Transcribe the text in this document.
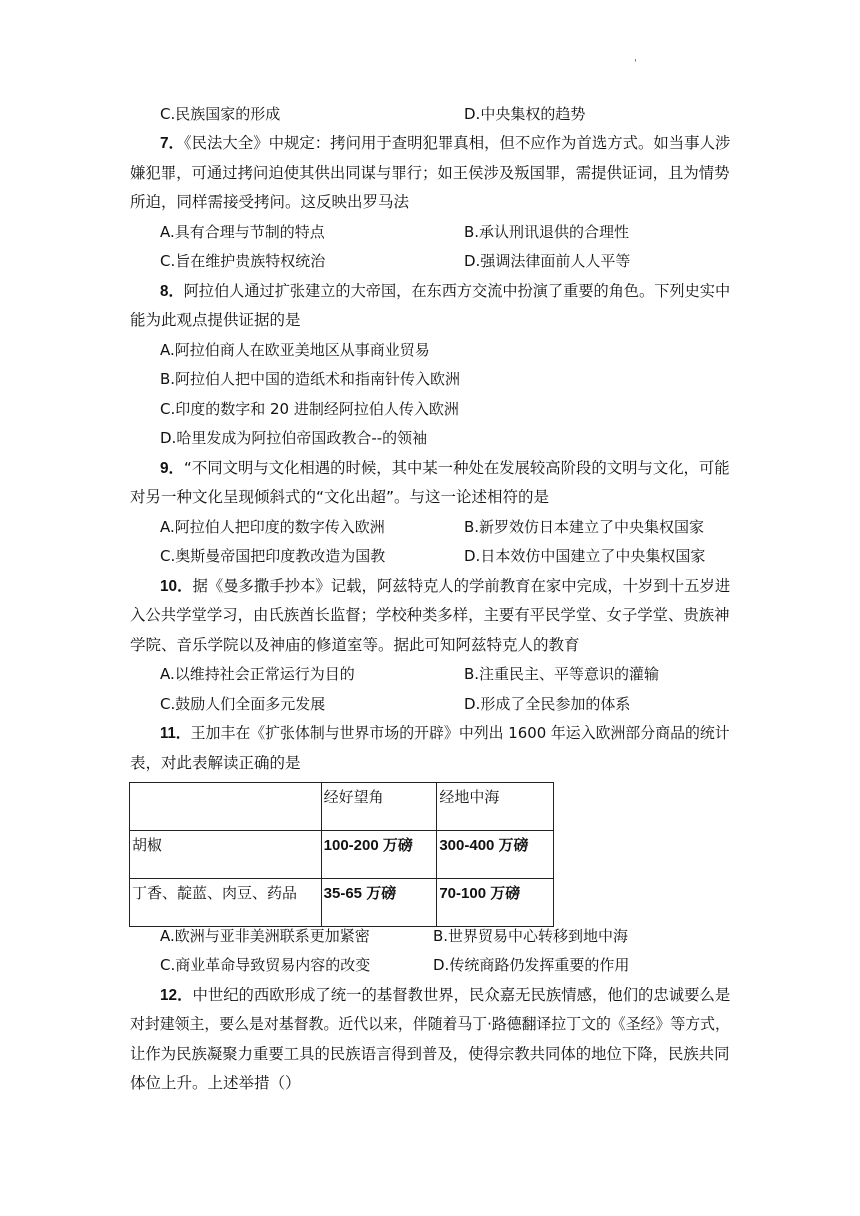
'
C.民族国家的形成	D.中央集权的趋势
7．《民法大全》中规定：拷问用于查明犯罪真相，但不应作为首选方式。如当事人涉
嫌犯罪，可通过拷问迫使其供出同谋与罪行；如王侯涉及叛国罪，需提供证词，且为情势
所迫，同样需接受拷问。这反映出罗马法
A.具有合理与节制的特点	B.承认刑讯退供的合理性
C.旨在维护贵族特权统治	D.强调法律面前人人平等
8．阿拉伯人通过扩张建立的大帝国，在东西方交流中扮演了重要的角色。下列史实中
能为此观点提供证据的是
A.阿拉伯商人在欧亚美地区从事商业贸易
B.阿拉伯人把中国的造纸术和指南针传入欧洲
C.印度的数字和 20 进制经阿拉伯人传入欧洲
D.哈里发成为阿拉伯帝国政教合--的领袖
9．“不同文明与文化相遇的时候，其中某一种处在发展较高阶段的文明与文化，可能
对另一种文化呈现倾斜式的“文化出超”。与这一论述相符的是
A.阿拉伯人把印度的数字传入欧洲	B.新罗效仿日本建立了中央集权国家
C.奥斯曼帝国把印度教改造为国教	D.日本效仿中国建立了中央集权国家
10．据《曼多撒手抄本》记载，阿兹特克人的学前教育在家中完成，十岁到十五岁进
入公共学堂学习，由氏族酋长监督；学校种类多样，主要有平民学堂、女子学堂、贵族神
学院、音乐学院以及神庙的修道室等。据此可知阿兹特克人的教育
A.以维持社会正常运行为目的	B.注重民主、平等意识的灌输
C.鼓励人们全面多元发展	D.形成了全民参加的体系
11．王加丰在《扩张体制与世界市场的开辟》中列出 1600 年运入欧洲部分商品的统计
表，对此表解读正确的是
	经好望角	经地中海
胡椒	100-200 万磅	300-400 万磅
丁香、靛蓝、肉豆、药品	35-65 万磅	70-100 万磅
A.欧洲与亚非美洲联系更加紧密	B.世界贸易中心转移到地中海
C.商业革命导致贸易内容的改变	D.传统商路仍发挥重要的作用
12．中世纪的西欧形成了统一的基督教世界，民众嘉无民族情感，他们的忠诚要么是
对封建领主，要么是对基督教。近代以来，伴随着马丁·路德翻译拉丁文的《圣经》等方式，
让作为民族凝聚力重要工具的民族语言得到普及，使得宗教共同体的地位下降，民族共同
体位上升。上述举措（）
